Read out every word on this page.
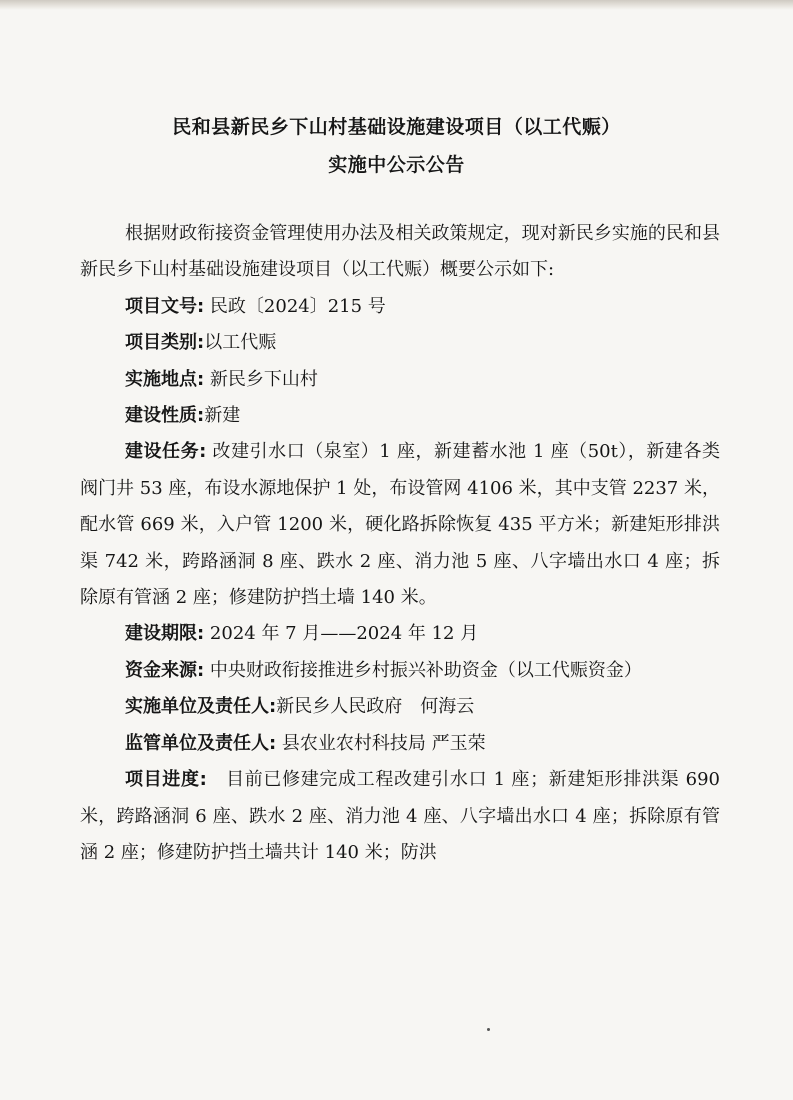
民和县新民乡下山村基础设施建设项目（以工代赈）
实施中公示公告

根据财政衔接资金管理使用办法及相关政策规定，现对新民乡实施的民和县新民乡下山村基础设施建设项目（以工代赈）概要公示如下:

项目文号: 民政〔2024〕215 号

项目类别:以工代赈

实施地点: 新民乡下山村

建设性质:新建

建设任务: 改建引水口（泉室）1 座，新建蓄水池 1 座（50t），新建各类阀门井 53 座，布设水源地保护 1 处，布设管网 4106 米，其中支管 2237 米，配水管 669 米，入户管 1200 米，硬化路拆除恢复 435 平方米；新建矩形排洪渠 742 米，跨路涵洞 8 座、跌水 2 座、消力池 5 座、八字墙出水口 4 座；拆除原有管涵 2 座；修建防护挡土墙 140 米。

建设期限: 2024 年 7 月——2024 年 12 月

资金来源: 中央财政衔接推进乡村振兴补助资金（以工代赈资金）

实施单位及责任人:新民乡人民政府　何海云

监管单位及责任人: 县农业农村科技局 严玉荣

项目进度:　目前已修建完成工程改建引水口 1 座；新建矩形排洪渠 690 米，跨路涵洞 6 座、跌水 2 座、消力池 4 座、八字墙出水口 4 座；拆除原有管涵 2 座；修建防护挡土墙共计 140 米；防洪
